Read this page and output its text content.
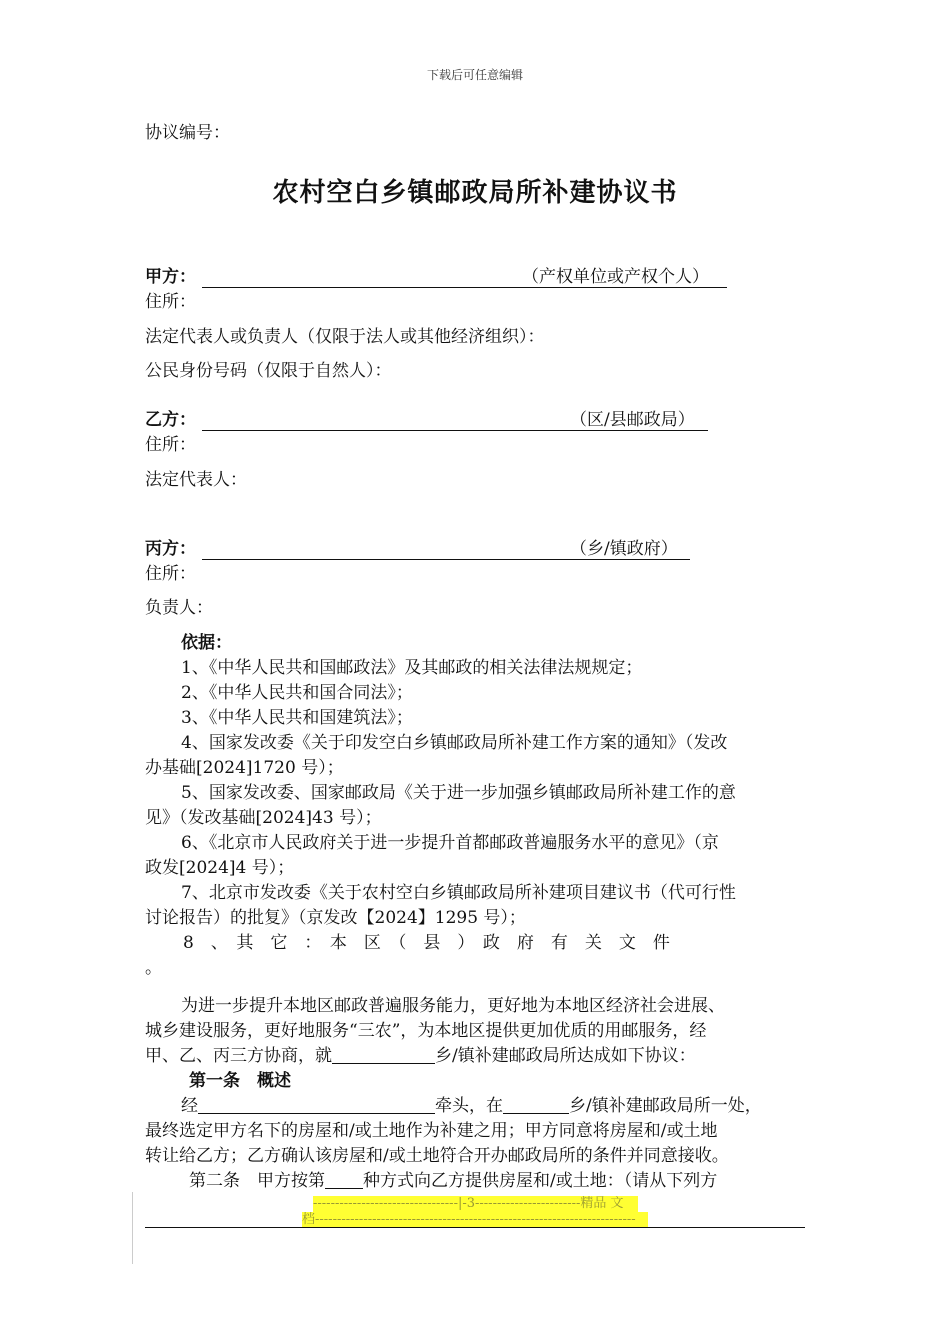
下载后可任意编辑
协议编号：
农村空白乡镇邮政局所补建协议书
甲方：	（产权单位或产权个人）
住所：
法定代表人或负责人（仅限于法人或其他经济组织）：
公民身份号码（仅限于自然人）：
乙方：	（区/县邮政局）
住所：
法定代表人：
丙方：	（乡/镇政府）
住所：
负责人：
依据：
1、《中华人民共和国邮政法》及其邮政的相关法律法规规定；
2、《中华人民共和国合同法》；
3、《中华人民共和国建筑法》；
4、国家发改委《关于印发空白乡镇邮政局所补建工作方案的通知》（发改
办基础[2024]1720 号）；
5、国家发改委、国家邮政局《关于进一步加强乡镇邮政局所补建工作的意
见》（发改基础[2024]43 号）；
6、《北京市人民政府关于进一步提升首都邮政普遍服务水平的意见》（京
政发[2024]4 号）；
7、北京市发改委《关于农村空白乡镇邮政局所补建项目建议书（代可行性
讨论报告）的批复》（京发改【2024】1295 号）；
8　、　其　它　：　本　区　（　县　）　政　府　有　关　文　件
。
为进一步提升本地区邮政普遍服务能力，更好地为本地区经济社会进展、
城乡建设服务，更好地服务“三农”，为本地区提供更加优质的用邮服务，经
甲、乙、丙三方协商，就	乡/镇补建邮政局所达成如下协议：
第一条　概述
经	牵头，在	乡/镇补建邮政局所一处，
最终选定甲方名下的房屋和/或土地作为补建之用；甲方同意将房屋和/或土地
转让给乙方；乙方确认该房屋和/或土地符合开办邮政局所的条件并同意接收。
第二条　甲方按第 种方式向乙方提供房屋和/或土地：（请从下列方
---------------------------------|-3------------------------精品 文
档-------------------------------------------------------------------------
